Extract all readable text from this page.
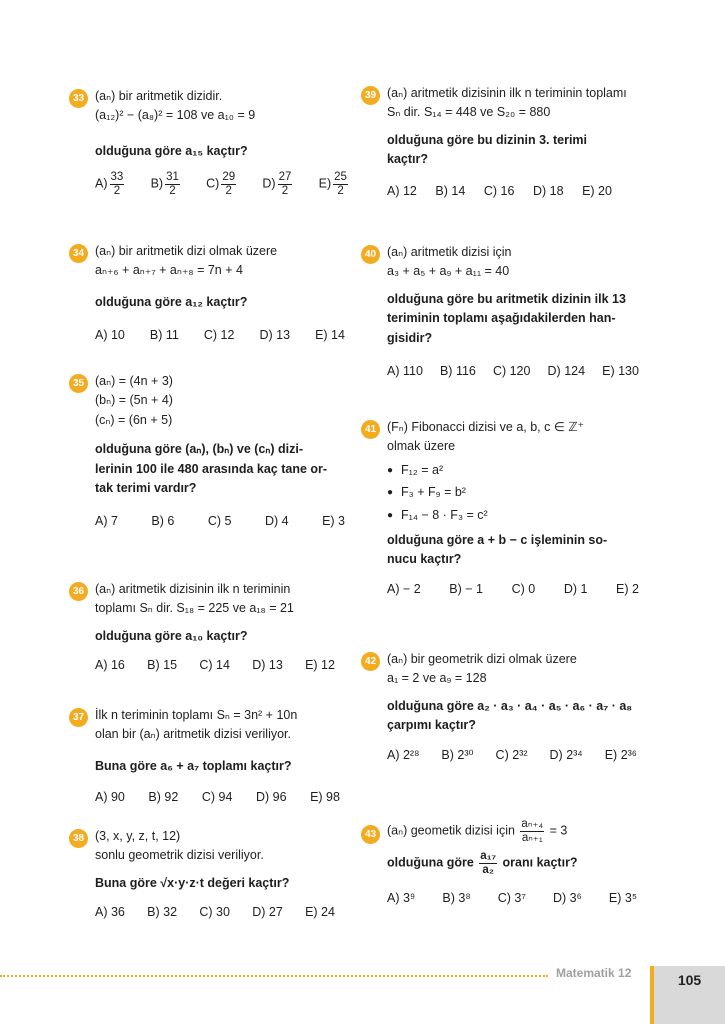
33 (aₙ) bir aritmetik dizidir.
(a₁₂)² − (a₈)² = 108 ve a₁₀ = 9
olduğuna göre a₁₅ kaçtır?
$A) \frac{33}{2} B) \frac{31}{2} C) \frac{29}{2} D) \frac{27}{2} E) \frac{25}{2}$
34 (aₙ) bir aritmetik dizi olmak üzere
aₙ₊₆ + aₙ₊₇ + aₙ₊₈ = 7n + 4
olduğuna göre a₁₂ kaçtır?
A) 10 B) 11 C) 12 D) 13 E) 14
35 (aₙ) = (4n + 3)
(bₙ) = (5n + 4)
(cₙ) = (6n + 5)
olduğuna göre (aₙ), (bₙ) ve (cₙ) dizi-
lerinin 100 ile 480 arasında kaç tane or-
tak terimi vardır?
A) 7	B) 6	C) 5	D) 4	E) 3
36 (aₙ) aritmetik dizisinin ilk n teriminin
toplamı Sₙ dir. S₁₈ = 225 ve a₁₈ = 21
olduğuna göre a₁₀ kaçtır?
A) 16 B) 15 C) 14 D) 13 E) 12
37 İlk n teriminin toplamı Sₙ = 3n² + 10n
olan bir (aₙ) aritmetik dizisi veriliyor.
Buna göre a₆ + a₇ toplamı kaçtır?
A) 90 B) 92 C) 94 D) 96 E) 98
38 (3, x, y, z, t, 12)
sonlu geometrik dizisi veriliyor.
Buna göre √x·y·z·t değeri kaçtır?
A) 36 B) 32 C) 30 D) 27 E) 24
39 (aₙ) aritmetik dizisinin ilk n teriminin toplamı
Sₙ dir. S₁₄ = 448 ve S₂₀ = 880
olduğuna göre bu dizinin 3. terimi
kaçtır?
A) 12 B) 14 C) 16 D) 18 E) 20
40 (aₙ) aritmetik dizisi için
a₃ + a₅ + a₉ + a₁₁ = 40
olduğuna göre bu aritmetik dizinin ilk 13
teriminin toplamı aşağıdakilerden han-
gisidir?
A) 110 B) 116 C) 120 D) 124 E) 130
41 (Fₙ) Fibonacci dizisi ve a, b, c ∈ ℤ⁺
olmak üzere
● F₁₂ = a²
● F₃ + F₉ = b²
● F₁₄ − 8 · F₃ = c²
olduğuna göre a + b − c işleminin so-
nucu kaçtır?
A) − 2 B) − 1 C) 0 D) 1 E) 2
42 (aₙ) bir geometrik dizi olmak üzere
a₁ = 2 ve a₉ = 128
olduğuna göre a₂ · a₃ · a₄ · a₅ · a₆ · a₇ · a₈
çarpımı kaçtır?
A) 2²⁸ B) 2³⁰ C) 2³² D) 2³⁴ E) 2³⁶
43 (aₙ) geometik dizisi için $\frac{\text{aₙ₊₄}}{\text{aₙ₊₁}} = 3$
olduğuna göre $\frac{\text{a₁₇}}{\text{a₂}}$ oranı kaçtır?
A) 3⁹ B) 3⁸ C) 3⁷ D) 3⁶ E) 3⁵
Matematik 12	105
